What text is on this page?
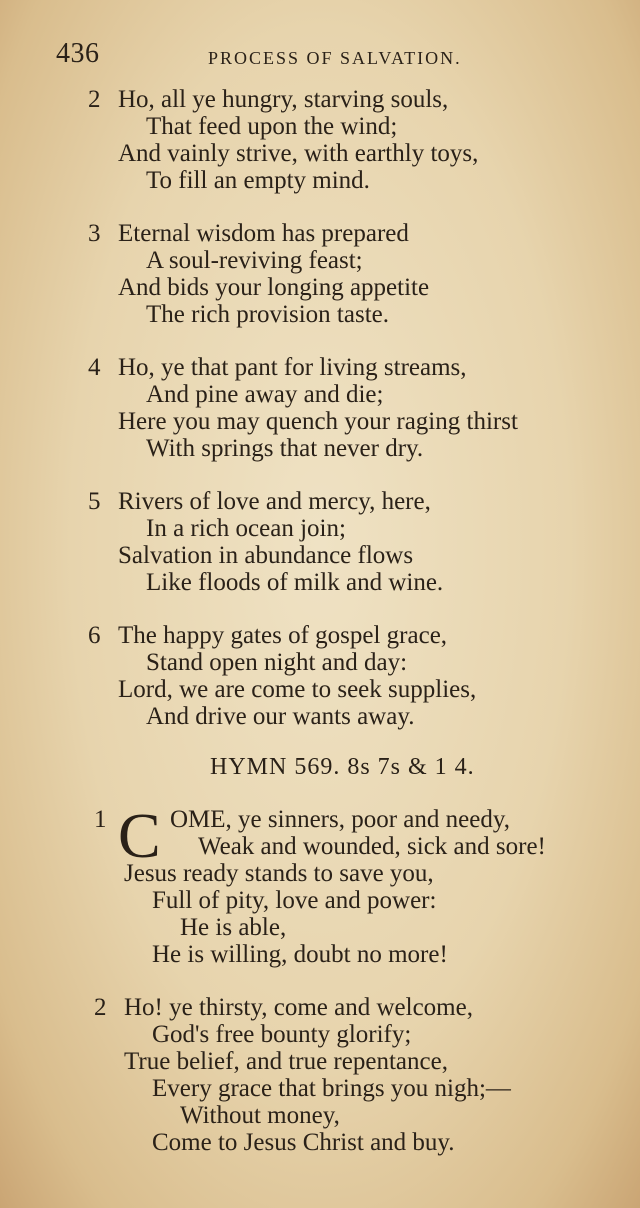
436	PROCESS OF SALVATION.
2 Ho, all ye hungry, starving souls,
That feed upon the wind;
And vainly strive, with earthly toys,
To fill an empty mind.
3 Eternal wisdom has prepared
A soul-reviving feast;
And bids your longing appetite
The rich provision taste.
4 Ho, ye that pant for living streams,
And pine away and die;
Here you may quench your raging thirst
With springs that never dry.
5 Rivers of love and mercy, here,
In a rich ocean join;
Salvation in abundance flows
Like floods of milk and wine.
6 The happy gates of gospel grace,
Stand open night and day:
Lord, we are come to seek supplies,
And drive our wants away.
HYMN 569. 8s 7s & 1 4.
1 C OME, ye sinners, poor and needy,
Weak and wounded, sick and sore!
Jesus ready stands to save you,
Full of pity, love and power:
He is able,
He is willing, doubt no more!
2 Ho! ye thirsty, come and welcome,
God's free bounty glorify;
True belief, and true repentance,
Every grace that brings you nigh;—
Without money,
Come to Jesus Christ and buy.
